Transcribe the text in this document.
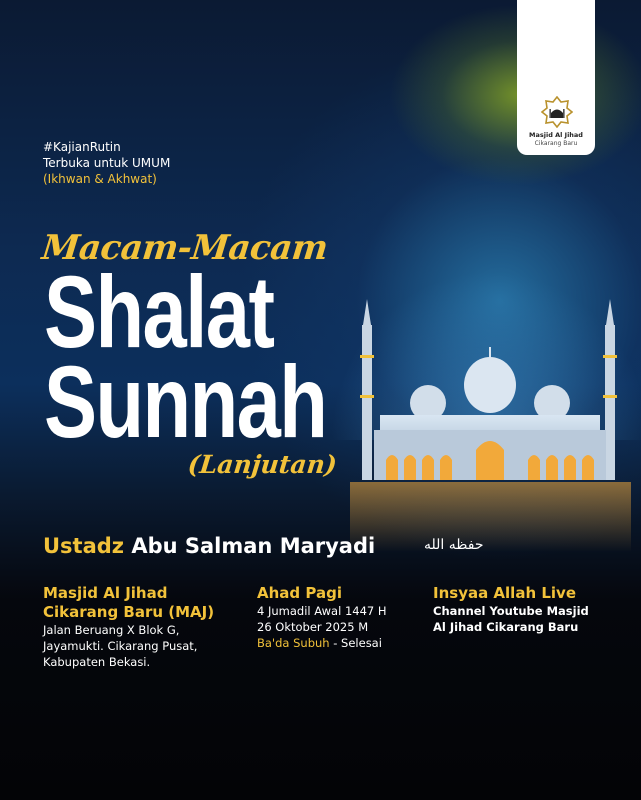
Masjid Al Jihad
Cikarang Baru
#KajianRutin
Terbuka untuk UMUM
(Ikhwan & Akhwat)
Macam-Macam
Shalat
Sunnah
(Lanjutan)
Ustadz Abu Salman Maryadi	حفظه الله
Masjid Al Jihad
Cikarang Baru (MAJ)
Jalan Beruang X Blok G,
Jayamukti. Cikarang Pusat,
Kabupaten Bekasi.
Ahad Pagi
4 Jumadil Awal 1447 H
26 Oktober 2025 M
Ba'da Subuh - Selesai
Insyaa Allah Live
Channel Youtube Masjid
Al Jihad Cikarang Baru
